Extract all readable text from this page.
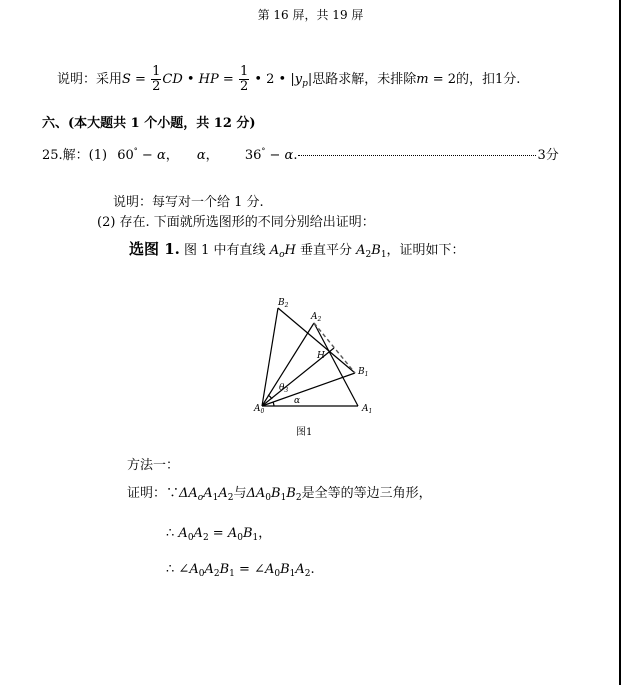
第 16 屏，共 19 屏
说明：采用$S = \frac{1}{2}$ CD • HP = $\frac{1}{2}$ • 2 • $|y_p|$思路求解，未排除m = 2的，扣1分.
六、(本大题共 1 个小题，共 12 分)
25.解：(1) 60° − α， α， 36° − α.	3分
说明：每写对一个给 1 分.
(2) 存在. 下面就所选图形的不同分别给出证明：
选图 1. 图 1 中有直线 $A_oH$ 垂直平分 $A_2B_1$，证明如下：
$B_2$
$A_2$
H
$B_1$
$A_0$	$A_1$
$\theta_3$
α
图1
方法一：
证明：$\because\Delta A_oA_1A_2$与$\Delta A_0B_1B_2$是全等的等边三角形，
∴ $A_0A_2 = A_0B_1$，
∴ $\angle A_0A_2B_1$ = $\angle A_0B_1A_2$.
